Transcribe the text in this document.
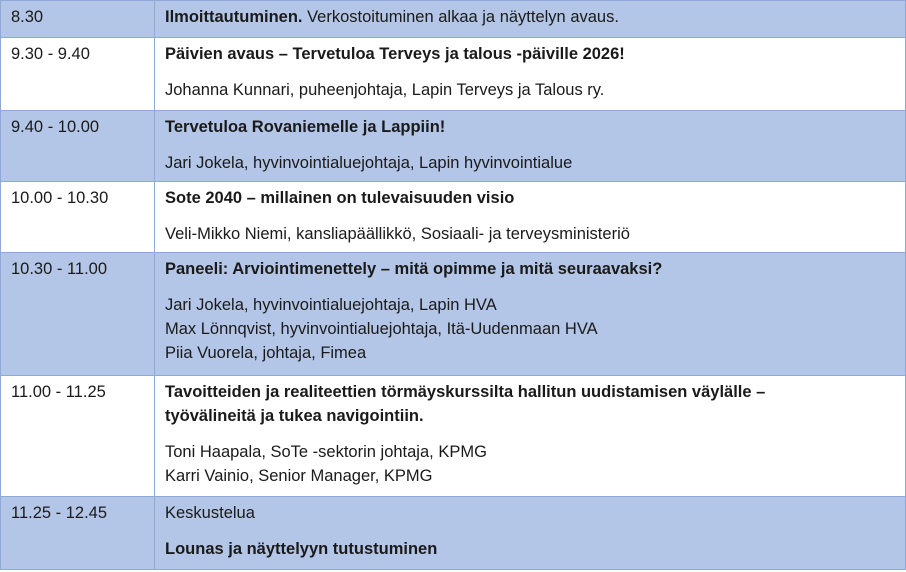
8.30	Ilmoittautuminen. Verkostoituminen alkaa ja näyttelyn avaus.
9.30 - 9.40	Päivien avaus – Tervetuloa Terveys ja talous -päiville 2026!
Johanna Kunnari, puheenjohtaja, Lapin Terveys ja Talous ry.

9.40 - 10.00	Tervetuloa Rovaniemelle ja Lappiin!
Jari Jokela, hyvinvointialuejohtaja, Lapin hyvinvointialue

10.00 - 10.30	Sote 2040 – millainen on tulevaisuuden visio
Veli-Mikko Niemi, kansliapäällikkö, Sosiaali- ja terveysministeriö

10.30 - 11.00	Paneeli: Arviointimenettely – mitä opimme ja mitä seuraavaksi?
Jari Jokela, hyvinvointialuejohtaja, Lapin HVA
Max Lönnqvist, hyvinvointialuejohtaja, Itä-Uudenmaan HVA
Piia Vuorela, johtaja, Fimea

11.00 - 11.25	Tavoitteiden ja realiteettien törmäyskurssilta hallitun uudistamisen väylälle –
työvälineitä ja tukea navigointiin.
Toni Haapala, SoTe -sektorin johtaja, KPMG
Karri Vainio, Senior Manager, KPMG

11.25 - 12.45	Keskustelua
Lounas ja näyttelyyn tutustuminen
